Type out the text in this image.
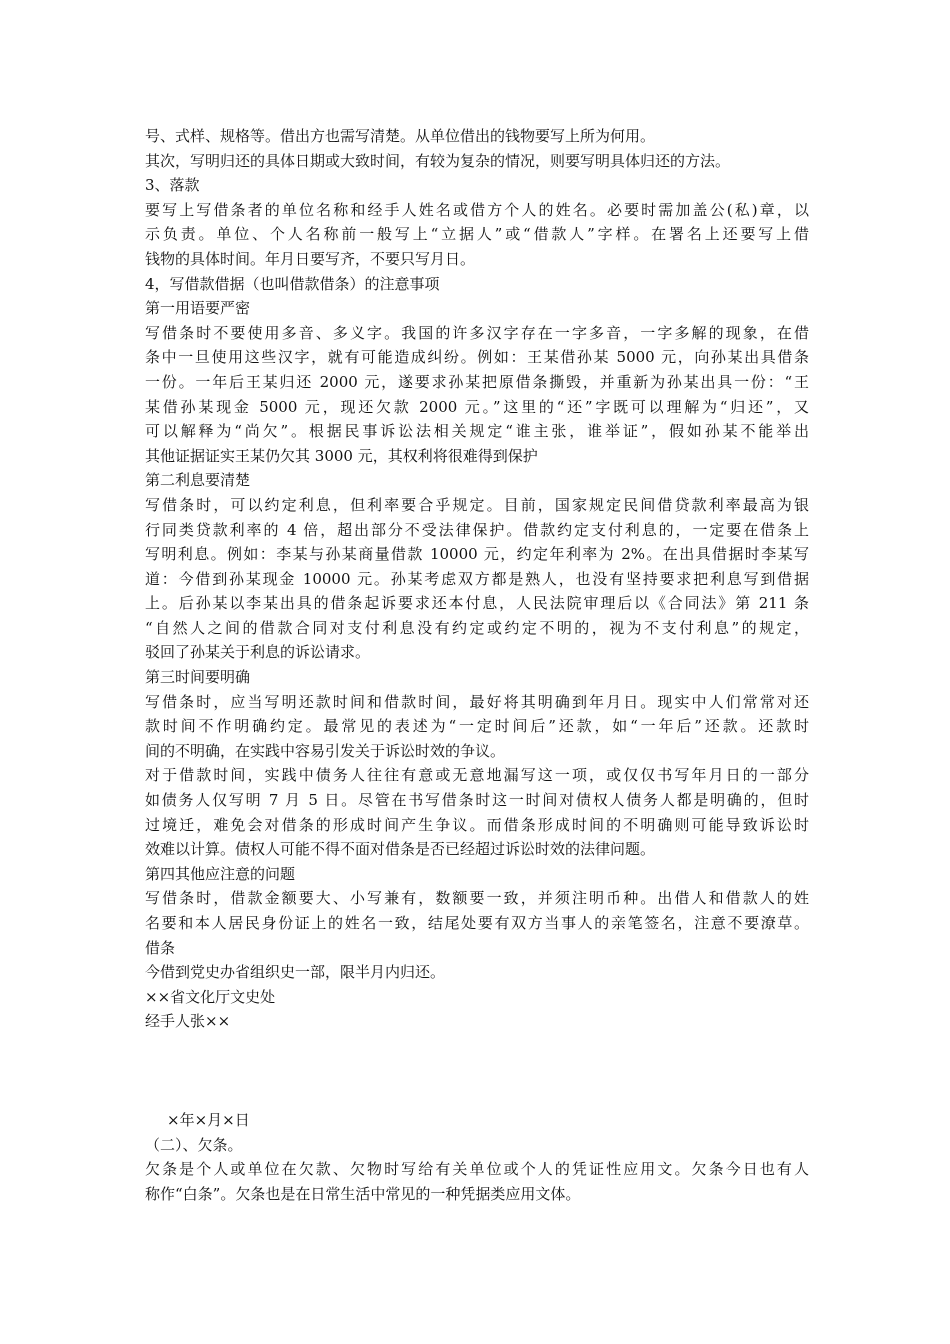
号、式样、规格等。借出方也需写清楚。从单位借出的钱物要写上所为何用。
其次，写明归还的具体日期或大致时间，有较为复杂的情况，则要写明具体归还的方法。
3、落款
要写上写借条者的单位名称和经手人姓名或借方个人的姓名。必要时需加盖公(私)章，以
示负责。单位、个人名称前一般写上“立据人”或“借款人”字样。在署名上还要写上借
钱物的具体时间。年月日要写齐，不要只写月日。
4，写借款借据（也叫借款借条）的注意事项
第一用语要严密
写借条时不要使用多音、多义字。我国的许多汉字存在一字多音，一字多解的现象，在借
条中一旦使用这些汉字，就有可能造成纠纷。例如：王某借孙某 5000 元，向孙某出具借条
一份。一年后王某归还 2000 元，遂要求孙某把原借条撕毁，并重新为孙某出具一份：“王
某借孙某现金 5000 元，现还欠款 2000 元。”这里的“还”字既可以理解为“归还”，又
可以解释为“尚欠”。根据民事诉讼法相关规定“谁主张，谁举证”，假如孙某不能举出
其他证据证实王某仍欠其 3000 元，其权利将很难得到保护
第二利息要清楚
写借条时，可以约定利息，但利率要合乎规定。目前，国家规定民间借贷款利率最高为银
行同类贷款利率的 4 倍，超出部分不受法律保护。借款约定支付利息的，一定要在借条上
写明利息。例如：李某与孙某商量借款 10000 元，约定年利率为 2%。在出具借据时李某写
道：今借到孙某现金 10000 元。孙某考虑双方都是熟人，也没有坚持要求把利息写到借据
上。后孙某以李某出具的借条起诉要求还本付息，人民法院审理后以《合同法》第 211 条
“自然人之间的借款合同对支付利息没有约定或约定不明的，视为不支付利息”的规定，
驳回了孙某关于利息的诉讼请求。
第三时间要明确
写借条时，应当写明还款时间和借款时间，最好将其明确到年月日。现实中人们常常对还
款时间不作明确约定。最常见的表述为“一定时间后”还款，如“一年后”还款。还款时
间的不明确，在实践中容易引发关于诉讼时效的争议。
对于借款时间，实践中债务人往往有意或无意地漏写这一项，或仅仅书写年月日的一部分
如债务人仅写明 7 月 5 日。尽管在书写借条时这一时间对债权人债务人都是明确的，但时
过境迁，难免会对借条的形成时间产生争议。而借条形成时间的不明确则可能导致诉讼时
效难以计算。债权人可能不得不面对借条是否已经超过诉讼时效的法律问题。
第四其他应注意的问题
写借条时，借款金额要大、小写兼有，数额要一致，并须注明币种。出借人和借款人的姓
名要和本人居民身份证上的姓名一致，结尾处要有双方当事人的亲笔签名，注意不要潦草。
借条
今借到党史办省组织史一部，限半月内归还。
××省文化厅文史处
经手人张××
×年×月×日
（二）、欠条。
欠条是个人或单位在欠款、欠物时写给有关单位或个人的凭证性应用文。欠条今日也有人
称作“白条”。欠条也是在日常生活中常见的一种凭据类应用文体。
